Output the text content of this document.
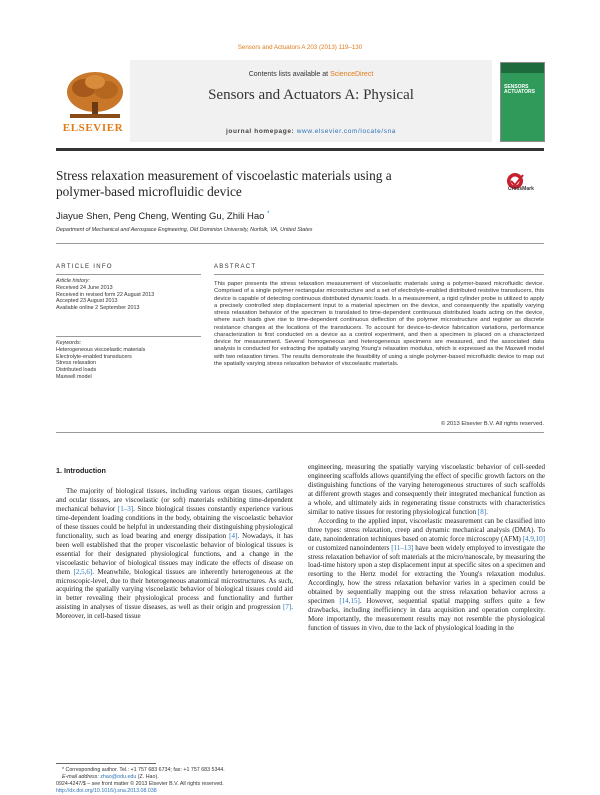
Sensors and Actuators A 203 (2013) 119–130
Contents lists available at ScienceDirect
Sensors and Actuators A: Physical
journal homepage: www.elsevier.com/locate/sna
ELSEVIER
SENSORS ACTUATORS
Stress relaxation measurement of viscoelastic materials using a polymer-based microfluidic device	CrossMark
Jiayue Shen, Peng Cheng, Wenting Gu, Zhili Hao *
Department of Mechanical and Aerospace Engineering, Old Dominion University, Norfolk, VA, United States
ARTICLE INFO	ABSTRACT
Article history:
Received 24 June 2013
Received in revised form 22 August 2013
Accepted 23 August 2013
Available online 2 September 2013
Keywords:
Heterogeneous viscoelastic materials
Electrolyte-enabled transducers
Stress relaxation
Distributed loads
Maxwell model
This paper presents the stress relaxation measurement of viscoelastic materials using a polymer-based microfluidic device. Comprised of a single polymer rectangular microstructure and a set of electrolyte-enabled distributed resistive transducers, this device is capable of detecting continuous distributed dynamic loads. In a measurement, a rigid cylinder probe is utilized to apply a precisely controlled step displacement input to a material specimen on the device, and consequently the spatially varying stress relaxation behavior of the specimen is translated to time-dependent continuous distributed loads acting on the device, where such loads give rise to time-dependent continuous deflection of the polymer microstructure and register as discrete resistance changes at the locations of the transducers. To account for device-to-device fabrication variations, performance characterization is first conducted on a device as a control experiment, and then a specimen is placed on a characterized device for measurement. Several homogeneous and heterogeneous specimens are measured, and the associated data analysis is conducted for extracting the spatially varying Young's relaxation modulus, which is expressed as the Maxwell model with two relaxation times. The results demonstrate the feasibility of using a single polymer-based microfluidic device to map out the spatially varying stress relaxation behavior of viscoelastic materials.
© 2013 Elsevier B.V. All rights reserved.
1. Introduction
The majority of biological tissues, including various organ tissues, cartilages and ocular tissues, are viscoelastic (or soft) materials exhibiting time-dependent mechanical behavior [1–3]. Since biological tissues constantly experience various time-dependent loading conditions in the body, obtaining the viscoelastic behavior of these tissues could be helpful in understanding their distinguishing physiological functionality, such as load bearing and energy dissipation [4]. Nowadays, it has been well established that the proper viscoelastic behavior of biological tissues is essential for their designated physiological functions, and a change in the viscoelastic behavior of biological tissues may indicate the effects of disease on them [2,5,6]. Meanwhile, biological tissues are inherently heterogeneous at the microscopic-level, due to their heterogeneous anatomical microstructures. As such, acquiring the spatially varying viscoelastic behavior of biological tissues could aid in better revealing their physiological process and functionality and further assisting in analyses of tissue diseases, as well as their origin and progression [7]. Moreover, in cell-based tissue

engineering, measuring the spatially varying viscoelastic behavior of cell-seeded engineering scaffolds allows quantifying the effect of specific growth factors on the distinguishing functions of the varying heterogeneous structures of such scaffolds at different growth stages and consequently their integrated mechanical function as a whole, and ultimately aids in regenerating tissue constructs with characteristics similar to native tissues for restoring physiological function [8].

According to the applied input, viscoelastic measurement can be classified into three types: stress relaxation, creep and dynamic mechanical analysis (DMA). To date, nanoindentation techniques based on atomic force microscopy (AFM) [4,9,10] or customized nanoindenters [11–13] have been widely employed to investigate the stress relaxation behavior of soft materials at the micro/nanoscale, by measuring the load-time history upon a step displacement input at specific sites on a specimen and resorting to the Hertz model for extracting the Young's relaxation modulus. Accordingly, how the stress relaxation behavior varies in a specimen could be obtained by sequentially mapping out the stress relaxation behavior across a specimen [14,15]. However, sequential spatial mapping suffers quite a few drawbacks, including inefficiency in data acquisition and operation complexity. More importantly, the measurement results may not resemble the physiological function of tissues in vivo, due to the lack of physiological loading in the

* Corresponding author. Tel.: +1 757 683 6734; fax: +1 757 683 5344.
E-mail address: zhao@odu.edu (Z. Hao).
0924-4247/$ – see front matter © 2013 Elsevier B.V. All rights reserved.
http://dx.doi.org/10.1016/j.sna.2013.08.038
